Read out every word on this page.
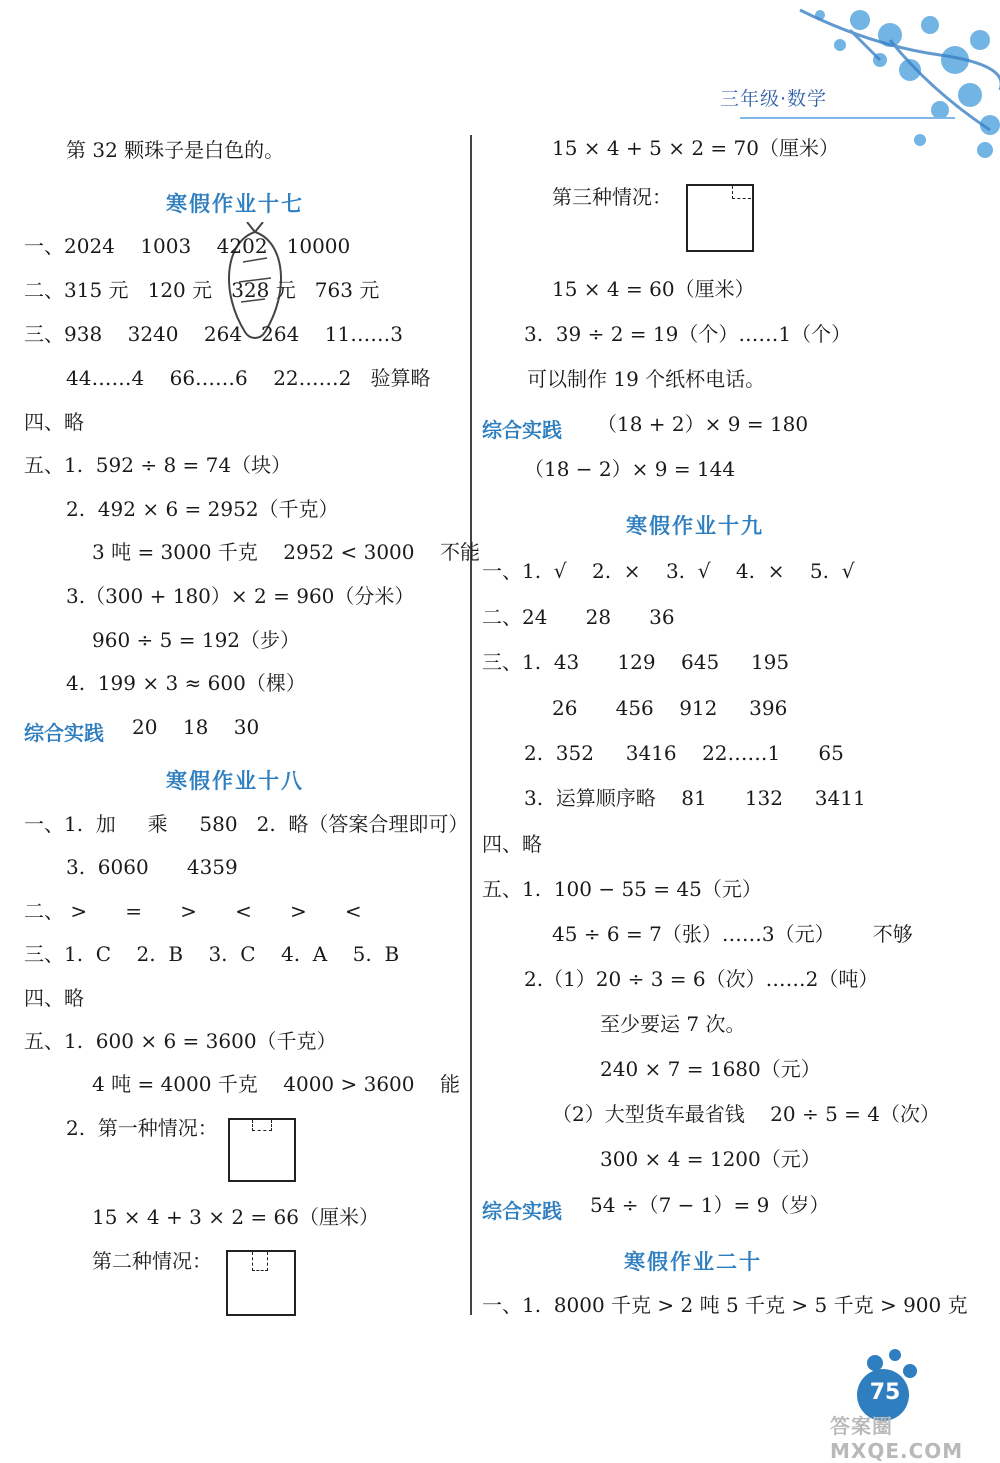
三年级·数学
第 32 颗珠子是白色的。
寒假作业十七
一、2024    1003    4202   10000
二、315 元   120 元   328 元   763 元
三、938    3240    264   264    11……3
44……4    66……6    22……2   验算略
四、略
五、1.  592 ÷ 8 = 74（块）
2.  492 × 6 = 2952（千克）
3 吨 = 3000 千克    2952 < 3000    不能
3.（300 + 180）× 2 = 960（分米）
960 ÷ 5 = 192（步）
4.  199 × 3 ≈ 600（棵）
综合实践 20    18    30
寒假作业十八
一、1.  加     乘     580   2.  略（答案合理即可）
3.  6060      4359
二、 >      =      >      <      >      <
三、1.  C    2.  B    3.  C    4.  A    5.  B
四、略
五、1.  600 × 6 = 3600（千克）
4 吨 = 4000 千克    4000 > 3600    能
2.  第一种情况：
15 × 4 + 3 × 2 = 66（厘米）
第二种情况：
15 × 4 + 5 × 2 = 70（厘米）
第三种情况：
15 × 4 = 60（厘米）
3.  39 ÷ 2 = 19（个）……1（个）
可以制作 19 个纸杯电话。
综合实践 （18 + 2）× 9 = 180
（18 − 2）× 9 = 144
寒假作业十九
一、1.  √    2.  ×    3.  √    4.  ×    5.  √
二、24      28      36
三、1.  43      129    645     195
26      456    912     396
2.  352     3416    22……1      65
3.  运算顺序略    81      132     3411
四、略
五、1.  100 − 55 = 45（元）
45 ÷ 6 = 7（张）……3（元）      不够
2.（1）20 ÷ 3 = 6（次）……2（吨）
至少要运 7 次。
240 × 7 = 1680（元）
（2）大型货车最省钱    20 ÷ 5 = 4（次）
300 × 4 = 1200（元）
综合实践 54 ÷（7 − 1）= 9（岁）
寒假作业二十
一、1.  8000 千克 > 2 吨 5 千克 > 5 千克 > 900 克
75
答案圈 MXQE.COM
